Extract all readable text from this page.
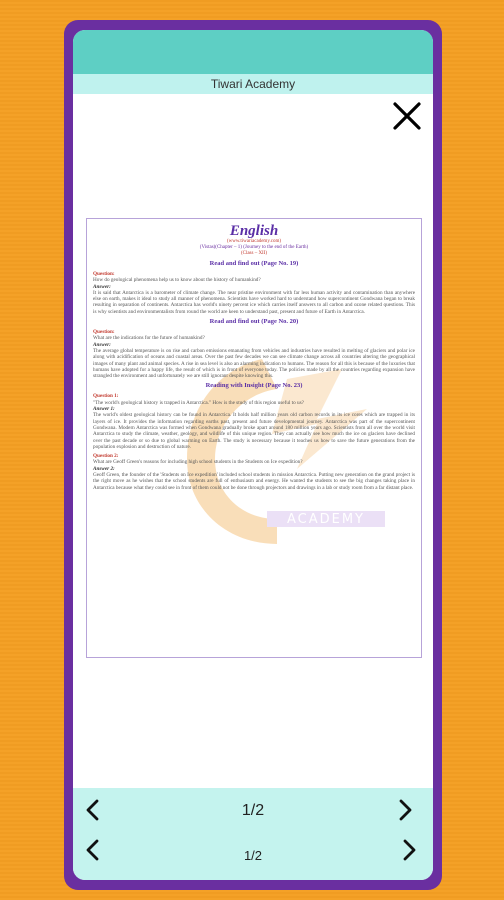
Tiwari Academy
ACADEMY
English
(www.tiwariacademy.com)
(Vistas)(Chapter – 1) (Journey to the end of the Earth)
(Class – XII)
Read and find out (Page No. 19)
Question:
How do geological phenomena help us to know about the history of humankind?
Answer:
It is said that Antarctica is a barometer of climate change. The near pristine environment with far less human activity and contamination than anywhere else on earth, makes it ideal to study all manner of phenomena. Scientists have worked hard to understand how supercontinent Gondwana began to break resulting in separation of continents. Antarctica has world's ninety percent ice which carries itself answers to all carbon and ozone related questions. This is why scientists and environmentalists from round the world are keen to understand past, present and future of Earth in Antarctica.
Read and find out (Page No. 20)
Question:
What are the indications for the future of humankind?
Answer:
The average global temperature is on rise and carbon emissions emanating from vehicles and industries have resulted in melting of glaciers and polar ice along with acidification of oceans and coastal areas. Over the past few decades we can see climate change across all countries altering the geographical images of many plant and animal species. A rise in sea level is also an alarming indication to humans. The reason for all this is because of the luxuries that humans have adopted for a happy life, the result of which is in front of everyone today. The policies made by all the countries regarding expansion have strangled the environment and unfortunately we are still ignorant despite knowing this.
Reading with Insight (Page No. 23)
Question 1:
"The world's geological history is trapped in Antarctica." How is the study of this region useful to us?
Answer 1:
The world's oldest geological history can be found in Antarctica. It holds half million years old carbon records in its ice cores which are trapped in its layers of ice. It provides the information regarding earths past, present and future developmental journey. Antarctica was part of the supercontinent Gondwana. Modern Antarctica was formed when Gondwana gradually broke apart around 180 million years ago. Scientists from all over the world visit Antarctica to study the climate, weather, geology, and wildlife of this unique region. They can actually see how much the ice on glaciers have declined over the past decade or so due to global warming on Earth. The study is necessary because it teaches us how to save the future generations from the population explosion and destruction of nature.
Question 2:
What are Geoff Green's reasons for including high school students in the Students on Ice expedition?
Answer 2:
Geoff Green, the founder of the 'Students on Ice expedition' included school students in mission Antarctica. Putting new generation on the grand project is the right move as he wishes that the school students are full of enthusiasm and energy. He wanted the students to see the big changes taking place in Antarctica because what they could see in front of them could not be done through projectors and drawings in a lab or study room from a far distant place.
1/2
1/2
